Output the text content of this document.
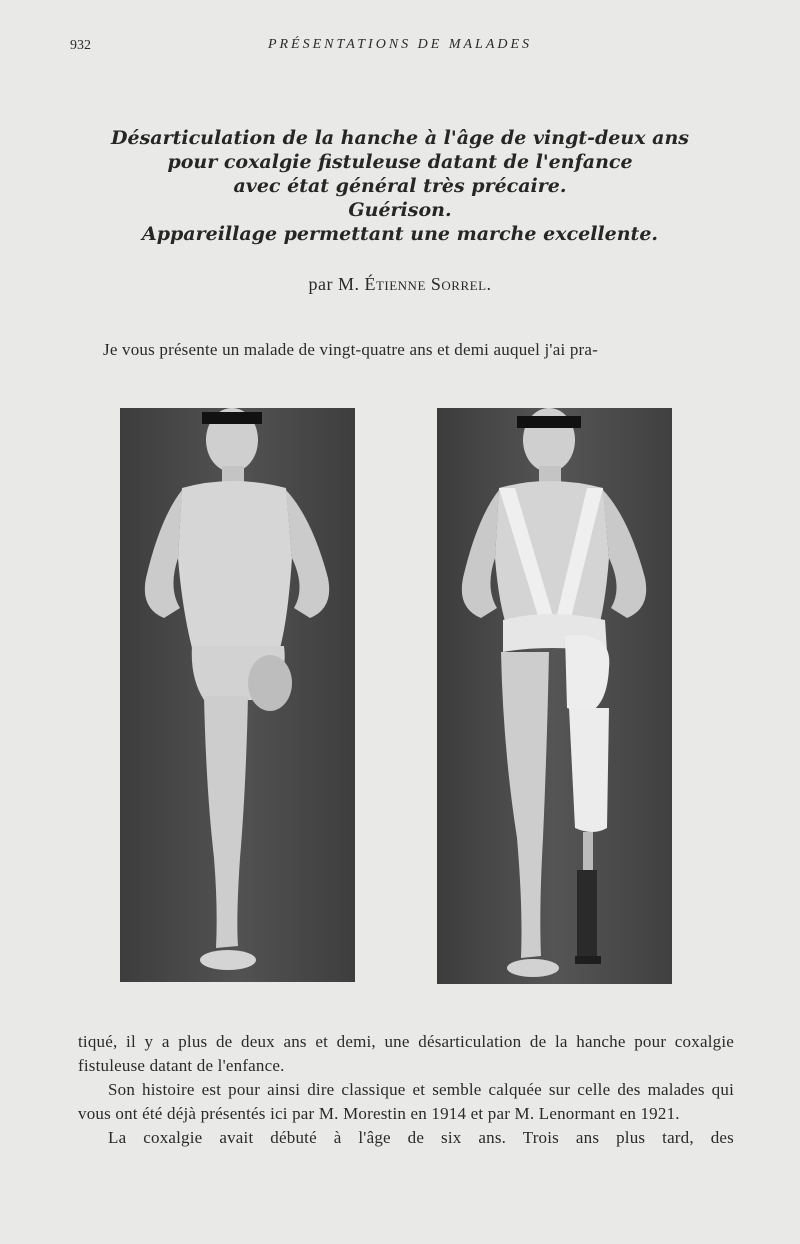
932	PRÉSENTATIONS DE MALADES
Désarticulation de la hanche à l'âge de vingt-deux ans
pour coxalgie fistuleuse datant de l'enfance
avec état général très précaire.
Guérison.
Appareillage permettant une marche excellente.
par M. Étienne Sorrel.
Je vous présente un malade de vingt-quatre ans et demi auquel j'ai pra-

tiqué, il y a plus de deux ans et demi, une désarticulation de la hanche pour coxalgie fistuleuse datant de l'enfance.

Son histoire est pour ainsi dire classique et semble calquée sur celle des malades qui vous ont été déjà présentés ici par M. Morestin en 1914 et par M. Lenormant en 1921.

La coxalgie avait débuté à l'âge de six ans. Trois ans plus tard, des
